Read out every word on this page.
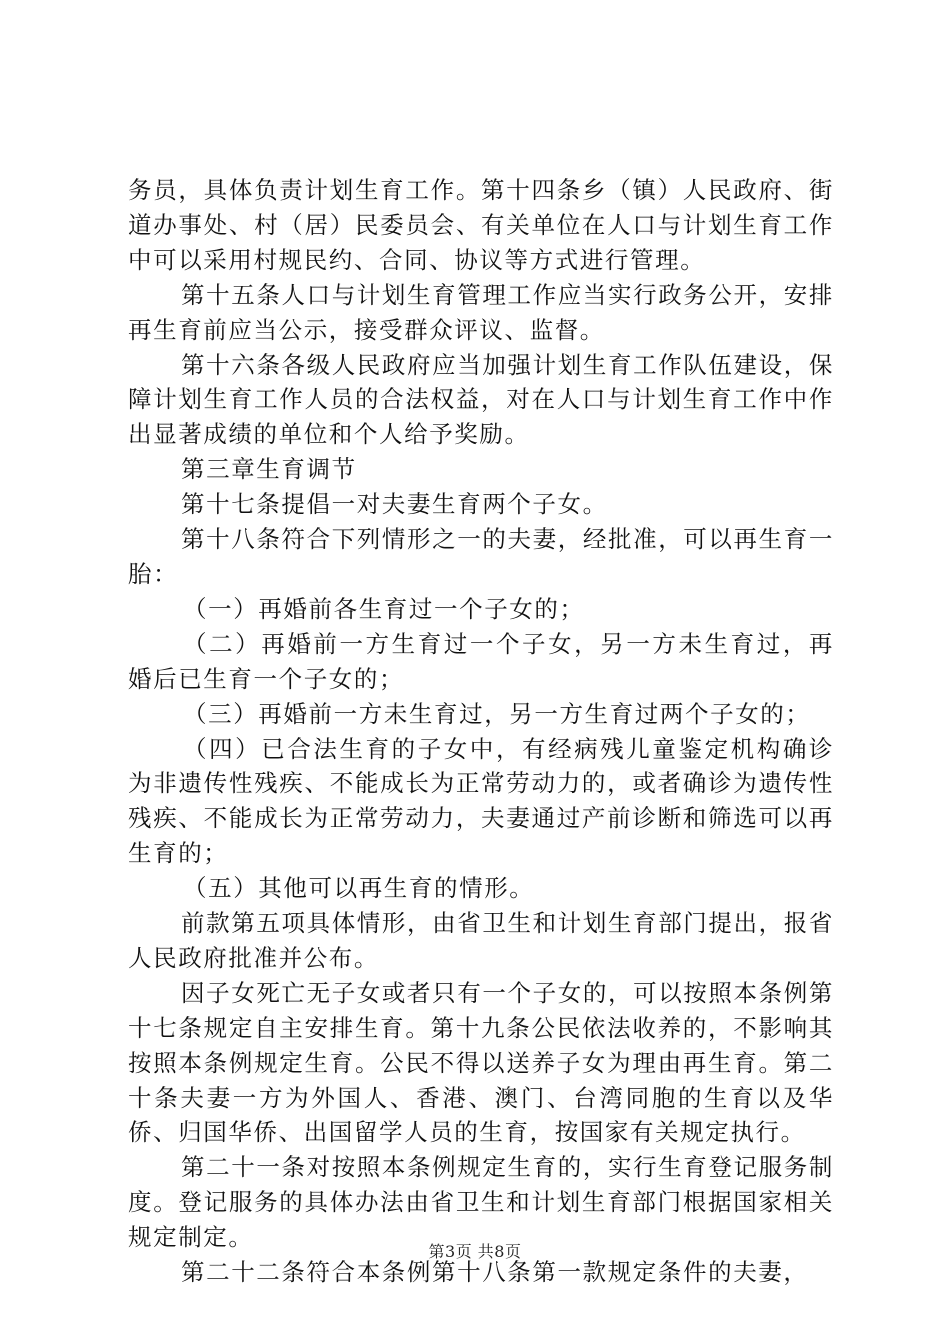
务员，具体负责计划生育工作。第十四条乡（镇）人民政府、街道办事处、村（居）民委员会、有关单位在人口与计划生育工作中可以采用村规民约、合同、协议等方式进行管理。

第十五条人口与计划生育管理工作应当实行政务公开，安排再生育前应当公示，接受群众评议、监督。

第十六条各级人民政府应当加强计划生育工作队伍建设，保障计划生育工作人员的合法权益，对在人口与计划生育工作中作出显著成绩的单位和个人给予奖励。

第三章生育调节

第十七条提倡一对夫妻生育两个子女。

第十八条符合下列情形之一的夫妻，经批准，可以再生育一胎：

（一）再婚前各生育过一个子女的；

（二）再婚前一方生育过一个子女，另一方未生育过，再婚后已生育一个子女的；

（三）再婚前一方未生育过，另一方生育过两个子女的；

（四）已合法生育的子女中，有经病残儿童鉴定机构确诊为非遗传性残疾、不能成长为正常劳动力的，或者确诊为遗传性残疾、不能成长为正常劳动力，夫妻通过产前诊断和筛选可以再生育的；

（五）其他可以再生育的情形。

前款第五项具体情形，由省卫生和计划生育部门提出，报省人民政府批准并公布。

因子女死亡无子女或者只有一个子女的，可以按照本条例第十七条规定自主安排生育。第十九条公民依法收养的，不影响其按照本条例规定生育。公民不得以送养子女为理由再生育。第二十条夫妻一方为外国人、香港、澳门、台湾同胞的生育以及华侨、归国华侨、出国留学人员的生育，按国家有关规定执行。

第二十一条对按照本条例规定生育的，实行生育登记服务制度。登记服务的具体办法由省卫生和计划生育部门根据国家相关规定制定。

第二十二条符合本条例第十八条第一款规定条件的夫妻，

第3页 共8页
